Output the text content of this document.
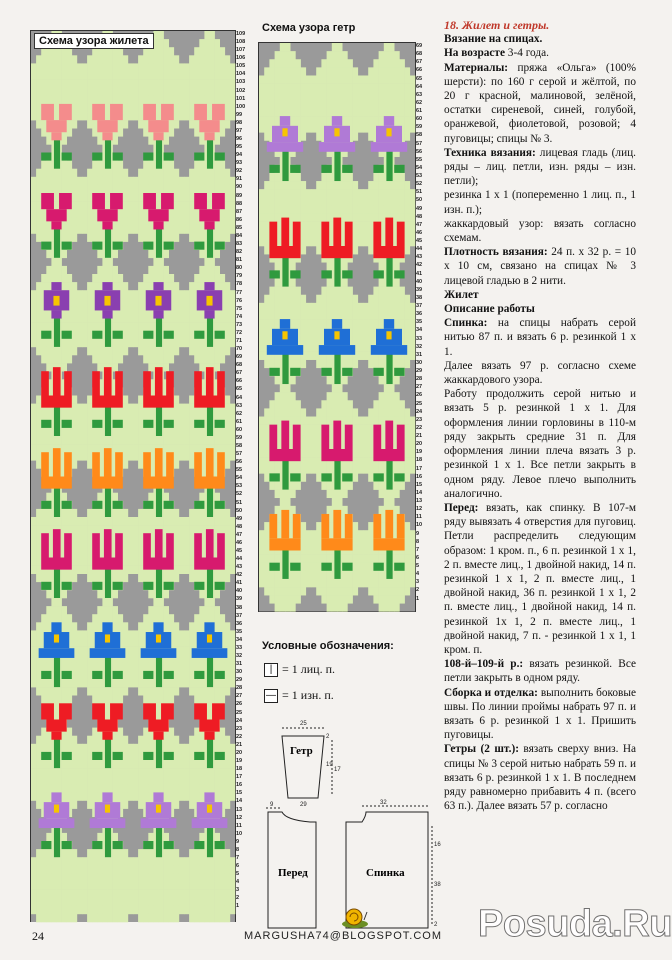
Схема узора жилета
109
108
107
106
105
104
103
102
101
100
99
98
97
96
95
94
93
92
91
90
89
88
87
86
85
84
83
82
81
80
79
78
77
76
75
74
73
72
71
70
69
68
67
66
65
64
63
62
61
60
59
58
57
56
55
54
53
52
51
50
49
48
47
46
45
44
43
42
41
40
39
38
37
36
35
34
33
32
31
30
29
28
27
26
25
24
23
22
21
20
19
18
17
16
15
14
13
12
11
10
9
8
7
6
5
4
3
2
1
Схема узора гетр
69
68
67
66
65
64
63
62
61
60
59
58
57
56
55
54
53
52
51
50
49
48
47
46
45
44
43
42
41
40
39
38
37
36
35
34
33
32
31
30
29
28
27
26
25
24
23
22
21
20
19
18
17
16
15
14
13
12
11
10
9
8
7
6
5
4
3
2
1
Условные обозначения:
| = 1 лиц. п.
— = 1 изн. п.
Гетр
Перед	Спинка
25
17
19
2
9	29	32
16
38
2

18. Жилет и гетры.

Вязание на спицах.

На возрасте 3-4 года.

Материалы: пряжа «Ольга» (100% шерсти): по 160 г серой и жёлтой, по 20 г красной, малиновой, зелёной, остатки сиреневой, синей, голубой, оранжевой, фиолетовой, розовой; 4 пуговицы; спицы № 3.

Техника вязания: лицевая гладь (лиц. ряды – лиц. петли, изн. ряды – изн. петли);

резинка 1 х 1 (попеременно 1 лиц. п., 1 изн. п.);

жаккардовый узор: вязать согласно схемам.

Плотность вязания: 24 п. х 32 р. = 10 х 10 см, связано на спицах № 3 лицевой гладью в 2 нити.

Жилет

Описание работы

Спинка: на спицы набрать серой нитью 87 п. и вязать 6 р. резинкой 1 х 1.

Далее вязать 97 р. согласно схеме жаккардового узора.

Работу продолжить серой нитью и вязать 5 р. резинкой 1 х 1. Для оформления линии горловины в 110-м ряду закрыть средние 31 п. Для оформления линии плеча вязать 3 р. резинкой 1 х 1. Все петли закрыть в одном ряду. Левое плечо выполнить аналогично.

Перед: вязать, как спинку. В 107-м ряду вывязать 4 отверстия для пуговиц. Петли распределить следующим образом: 1 кром. п., 6 п. резинкой 1 х 1, 2 п. вместе лиц., 1 двойной накид, 14 п. резинкой 1 х 1, 2 п. вместе лиц., 1 двойной накид, 36 п. резинкой 1 х 1, 2 п. вместе лиц., 1 двойной накид, 14 п. резинкой 1х 1, 2 п. вместе лиц., 1 двойной накид, 7 п. - резинкой 1 х 1, 1 кром. п.

108-й–109-й р.: вязать резинкой. Все петли закрыть в одном ряду.

Сборка и отделка: выполнить боковые швы. По линии проймы набрать 97 п. и вязать 6 р. резинкой 1 х 1. Пришить пуговицы.

Гетры (2 шт.): вязать сверху вниз. На спицы № 3 серой нитью набрать 59 п. и вязать 6 р. резинкой 1 х 1. В последнем ряду равномерно прибавить 4 п. (всего 63 п.). Далее вязать 57 р. согласно

24	MARGUSHA74@BLOGSPOT.COM Posuda.Ru
